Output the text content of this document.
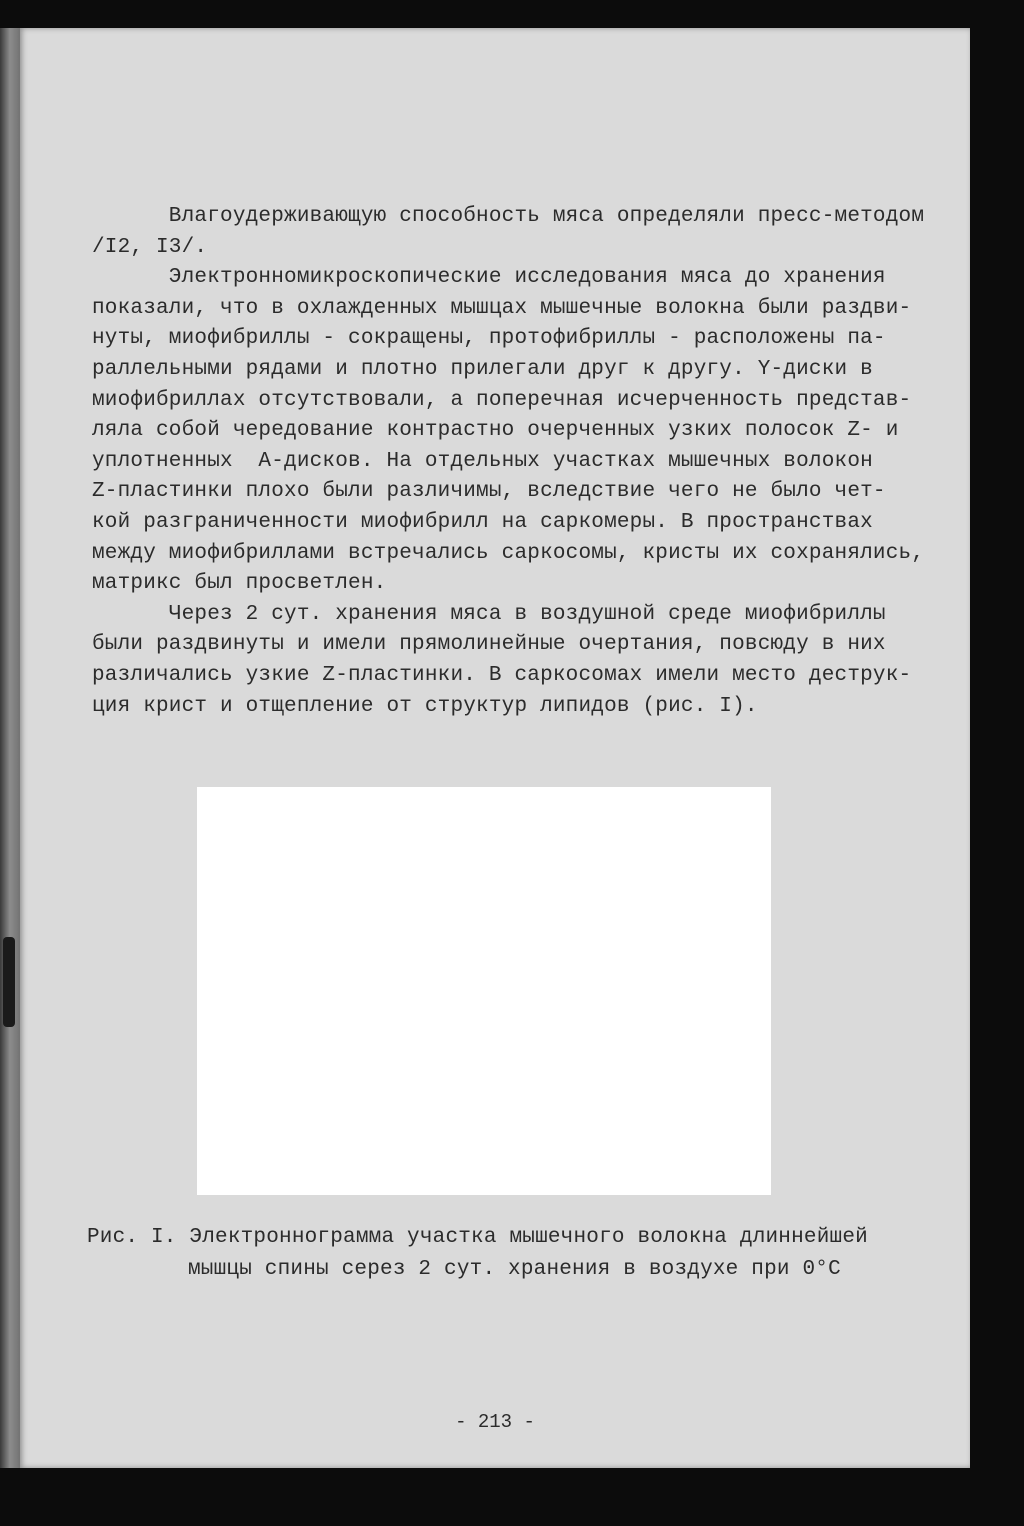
Влагоудерживающую способность мяса определяли пресс-методом
/I2, I3/.
Электронномикроскопические исследования мяса до хранения
показали, что в охлажденных мышцах мышечные волокна были раздви-
нуты, миофибриллы - сокращены, протофибриллы - расположены па-
раллельными рядами и плотно прилегали друг к другу. Y-диски в
миофибриллах отсутствовали, а поперечная исчерченность представ-
ляла собой чередование контрастно очерченных узких полосок Z- и
уплотненных  А-дисков. На отдельных участках мышечных волокон
Z-пластинки плохо были различимы, вследствие чего не было чет-
кой разграниченности миофибрилл на саркомеры. В пространствах
между миофибриллами встречались саркосомы, кристы их сохранялись,
матрикс был просветлен.
Через 2 сут. хранения мяса в воздушной среде миофибриллы
были раздвинуты и имели прямолинейные очертания, повсюду в них
различались узкие Z-пластинки. В саркосомах имели место деструк-
ция крист и отщепление от структур липидов (рис. I).
Рис. I. Электроннограмма участка мышечного волокна длиннейшей
мышцы спины серез 2 сут. хранения в воздухе при 0°С
- 213 -
